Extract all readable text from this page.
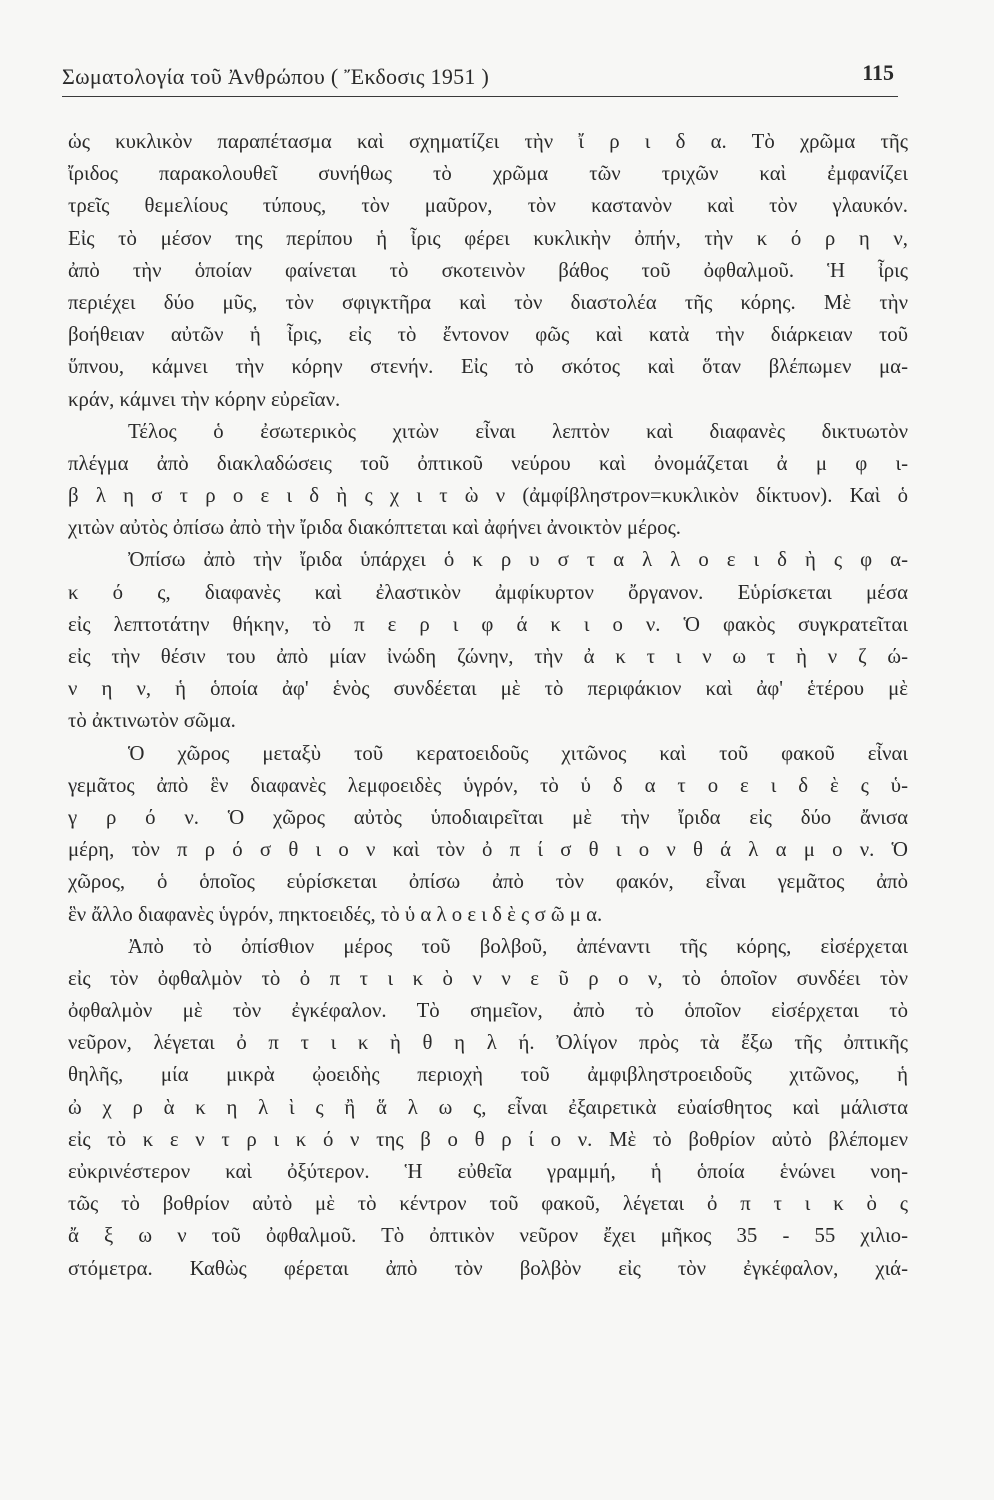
Σωματολογία τοῦ Ἀνθρώπου ( Ἔκδοσις 1951 )	115
ὡς κυκλικὸν παραπέτασμα καὶ σχηματίζει τὴν ἴ ρ ι δ α. Τὸ χρῶμα τῆς
ἴριδος παρακολουθεῖ συνήθως τὸ χρῶμα τῶν τριχῶν καὶ ἐμφανίζει
τρεῖς θεμελίους τύπους, τὸν μαῦρον, τὸν καστανὸν καὶ τὸν γλαυκόν.
Εἰς τὸ μέσον της περίπου ἡ ἶρις φέρει κυκλικὴν ὀπήν, τὴν κ ό ρ η ν,
ἀπὸ τὴν ὁποίαν φαίνεται τὸ σκοτεινὸν βάθος τοῦ ὀφθαλμοῦ. Ἡ ἶρις
περιέχει δύο μῦς, τὸν σφιγκτῆρα καὶ τὸν διαστολέα τῆς κόρης. Μὲ τὴν
βοήθειαν αὐτῶν ἡ ἶρις, εἰς τὸ ἔντονον φῶς καὶ κατὰ τὴν διάρκειαν τοῦ
ὕπνου, κάμνει τὴν κόρην στενήν. Εἰς τὸ σκότος καὶ ὅταν βλέπωμεν μα-
κράν, κάμνει τὴν κόρην εὐρεῖαν.
Τέλος ὁ ἐσωτερικὸς χιτὼν εἶναι λεπτὸν καὶ διαφανὲς δικτυωτὸν
πλέγμα ἀπὸ διακλαδώσεις τοῦ ὀπτικοῦ νεύρου καὶ ὀνομάζεται ἀ μ φ ι-
β λ η σ τ ρ ο ε ι δ ὴ ς χ ι τ ὼ ν (ἀμφίβληστρον=κυκλικὸν δίκτυον). Καὶ ὁ
χιτὼν αὐτὸς ὀπίσω ἀπὸ τὴν ἴριδα διακόπτεται καὶ ἀφήνει ἀνοικτὸν μέρος.
Ὀπίσω ἀπὸ τὴν ἴριδα ὑπάρχει ὁ κ ρ υ σ τ α λ λ ο ε ι δ ὴ ς φ α-
κ ό ς, διαφανὲς καὶ ἐλαστικὸν ἀμφίκυρτον ὄργανον. Εὑρίσκεται μέσα
εἰς λεπτοτάτην θήκην, τὸ π ε ρ ι φ ά κ ι ο ν. Ὁ φακὸς συγκρατεῖται
εἰς τὴν θέσιν του ἀπὸ μίαν ἰνώδη ζώνην, τὴν ἀ κ τ ι ν ω τ ὴ ν ζ ώ-
ν η ν, ἡ ὁποία ἀφ' ἑνὸς συνδέεται μὲ τὸ περιφάκιον καὶ ἀφ' ἑτέρου μὲ
τὸ ἀκτινωτὸν σῶμα.
Ὁ χῶρος μεταξὺ τοῦ κερατοειδοῦς χιτῶνος καὶ τοῦ φακοῦ εἶναι
γεμᾶτος ἀπὸ ἓν διαφανὲς λεμφοειδὲς ὑγρόν, τὸ ὑ δ α τ ο ε ι δ ὲ ς ὑ-
γ ρ ό ν. Ὁ χῶρος αὐτὸς ὑποδιαιρεῖται μὲ τὴν ἴριδα εἰς δύο ἄνισα
μέρη, τὸν π ρ ό σ θ ι ο ν καὶ τὸν ὀ π ί σ θ ι ο ν θ ά λ α μ ο ν. Ὁ
χῶρος, ὁ ὁποῖος εὑρίσκεται ὀπίσω ἀπὸ τὸν φακόν, εἶναι γεμᾶτος ἀπὸ
ἓν ἄλλο διαφανὲς ὑγρόν, πηκτοειδές, τὸ ὑ α λ ο ε ι δ ὲ ς σ ῶ μ α.
Ἀπὸ τὸ ὀπίσθιον μέρος τοῦ βολβοῦ, ἀπέναντι τῆς κόρης, εἰσέρχεται
εἰς τὸν ὀφθαλμὸν τὸ ὀ π τ ι κ ὸ ν ν ε ῦ ρ ο ν, τὸ ὁποῖον συνδέει τὸν
ὀφθαλμὸν μὲ τὸν ἐγκέφαλον. Τὸ σημεῖον, ἀπὸ τὸ ὁποῖον εἰσέρχεται τὸ
νεῦρον, λέγεται ὀ π τ ι κ ὴ θ η λ ή. Ὀλίγον πρὸς τὰ ἔξω τῆς ὀπτικῆς
θηλῆς, μία μικρὰ ᾠοειδὴς περιοχὴ τοῦ ἀμφιβληστροειδοῦς χιτῶνος, ἡ
ὠ χ ρ ὰ κ η λ ὶ ς ἢ ἅ λ ω ς, εἶναι ἐξαιρετικὰ εὐαίσθητος καὶ μάλιστα
εἰς τὸ κ ε ν τ ρ ι κ ό ν της β ο θ ρ ί ο ν. Μὲ τὸ βοθρίον αὐτὸ βλέπομεν
εὐκρινέστερον καὶ ὀξύτερον. Ἡ εὐθεῖα γραμμή, ἡ ὁποία ἑνώνει νοη-
τῶς τὸ βοθρίον αὐτὸ μὲ τὸ κέντρον τοῦ φακοῦ, λέγεται ὀ π τ ι κ ὸ ς
ἄ ξ ω ν τοῦ ὀφθαλμοῦ. Τὸ ὀπτικὸν νεῦρον ἔχει μῆκος 35 - 55 χιλιο-
στόμετρα. Καθὼς φέρεται ἀπὸ τὸν βολβὸν εἰς τὸν ἐγκέφαλον, χιά-
